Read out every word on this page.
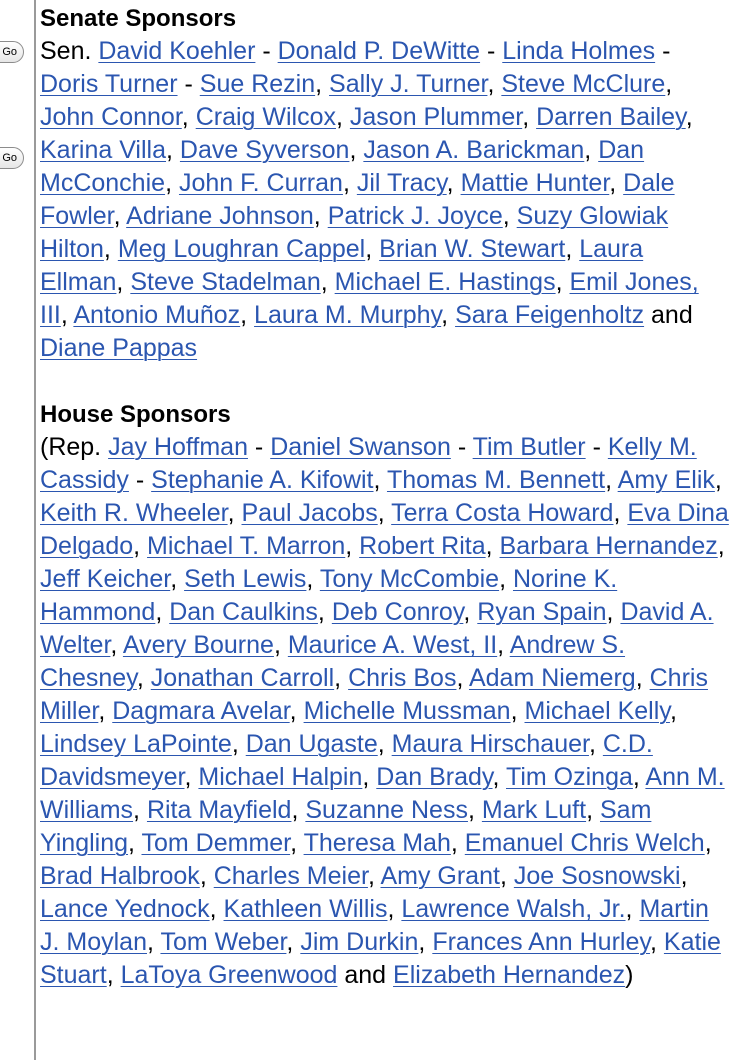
Go
Go
Senate Sponsors

Sen. David Koehler - Donald P. DeWitte - Linda Holmes - Doris Turner - Sue Rezin, Sally J. Turner, Steve McClure, John Connor, Craig Wilcox, Jason Plummer, Darren Bailey, Karina Villa, Dave Syverson, Jason A. Barickman, Dan McConchie, John F. Curran, Jil Tracy, Mattie Hunter, Dale Fowler, Adriane Johnson, Patrick J. Joyce, Suzy Glowiak Hilton, Meg Loughran Cappel, Brian W. Stewart, Laura Ellman, Steve Stadelman, Michael E. Hastings, Emil Jones, III, Antonio Muñoz, Laura M. Murphy, Sara Feigenholtz and Diane Pappas

House Sponsors

(Rep. Jay Hoffman - Daniel Swanson - Tim Butler - Kelly M. Cassidy - Stephanie A. Kifowit, Thomas M. Bennett, Amy Elik, Keith R. Wheeler, Paul Jacobs, Terra Costa Howard, Eva Dina Delgado, Michael T. Marron, Robert Rita, Barbara Hernandez, Jeff Keicher, Seth Lewis, Tony McCombie, Norine K. Hammond, Dan Caulkins, Deb Conroy, Ryan Spain, David A. Welter, Avery Bourne, Maurice A. West, II, Andrew S. Chesney, Jonathan Carroll, Chris Bos, Adam Niemerg, Chris Miller, Dagmara Avelar, Michelle Mussman, Michael Kelly, Lindsey LaPointe, Dan Ugaste, Maura Hirschauer, C.D. Davidsmeyer, Michael Halpin, Dan Brady, Tim Ozinga, Ann M. Williams, Rita Mayfield, Suzanne Ness, Mark Luft, Sam Yingling, Tom Demmer, Theresa Mah, Emanuel Chris Welch, Brad Halbrook, Charles Meier, Amy Grant, Joe Sosnowski, Lance Yednock, Kathleen Willis, Lawrence Walsh, Jr., Martin J. Moylan, Tom Weber, Jim Durkin, Frances Ann Hurley, Katie Stuart, LaToya Greenwood and Elizabeth Hernandez)
